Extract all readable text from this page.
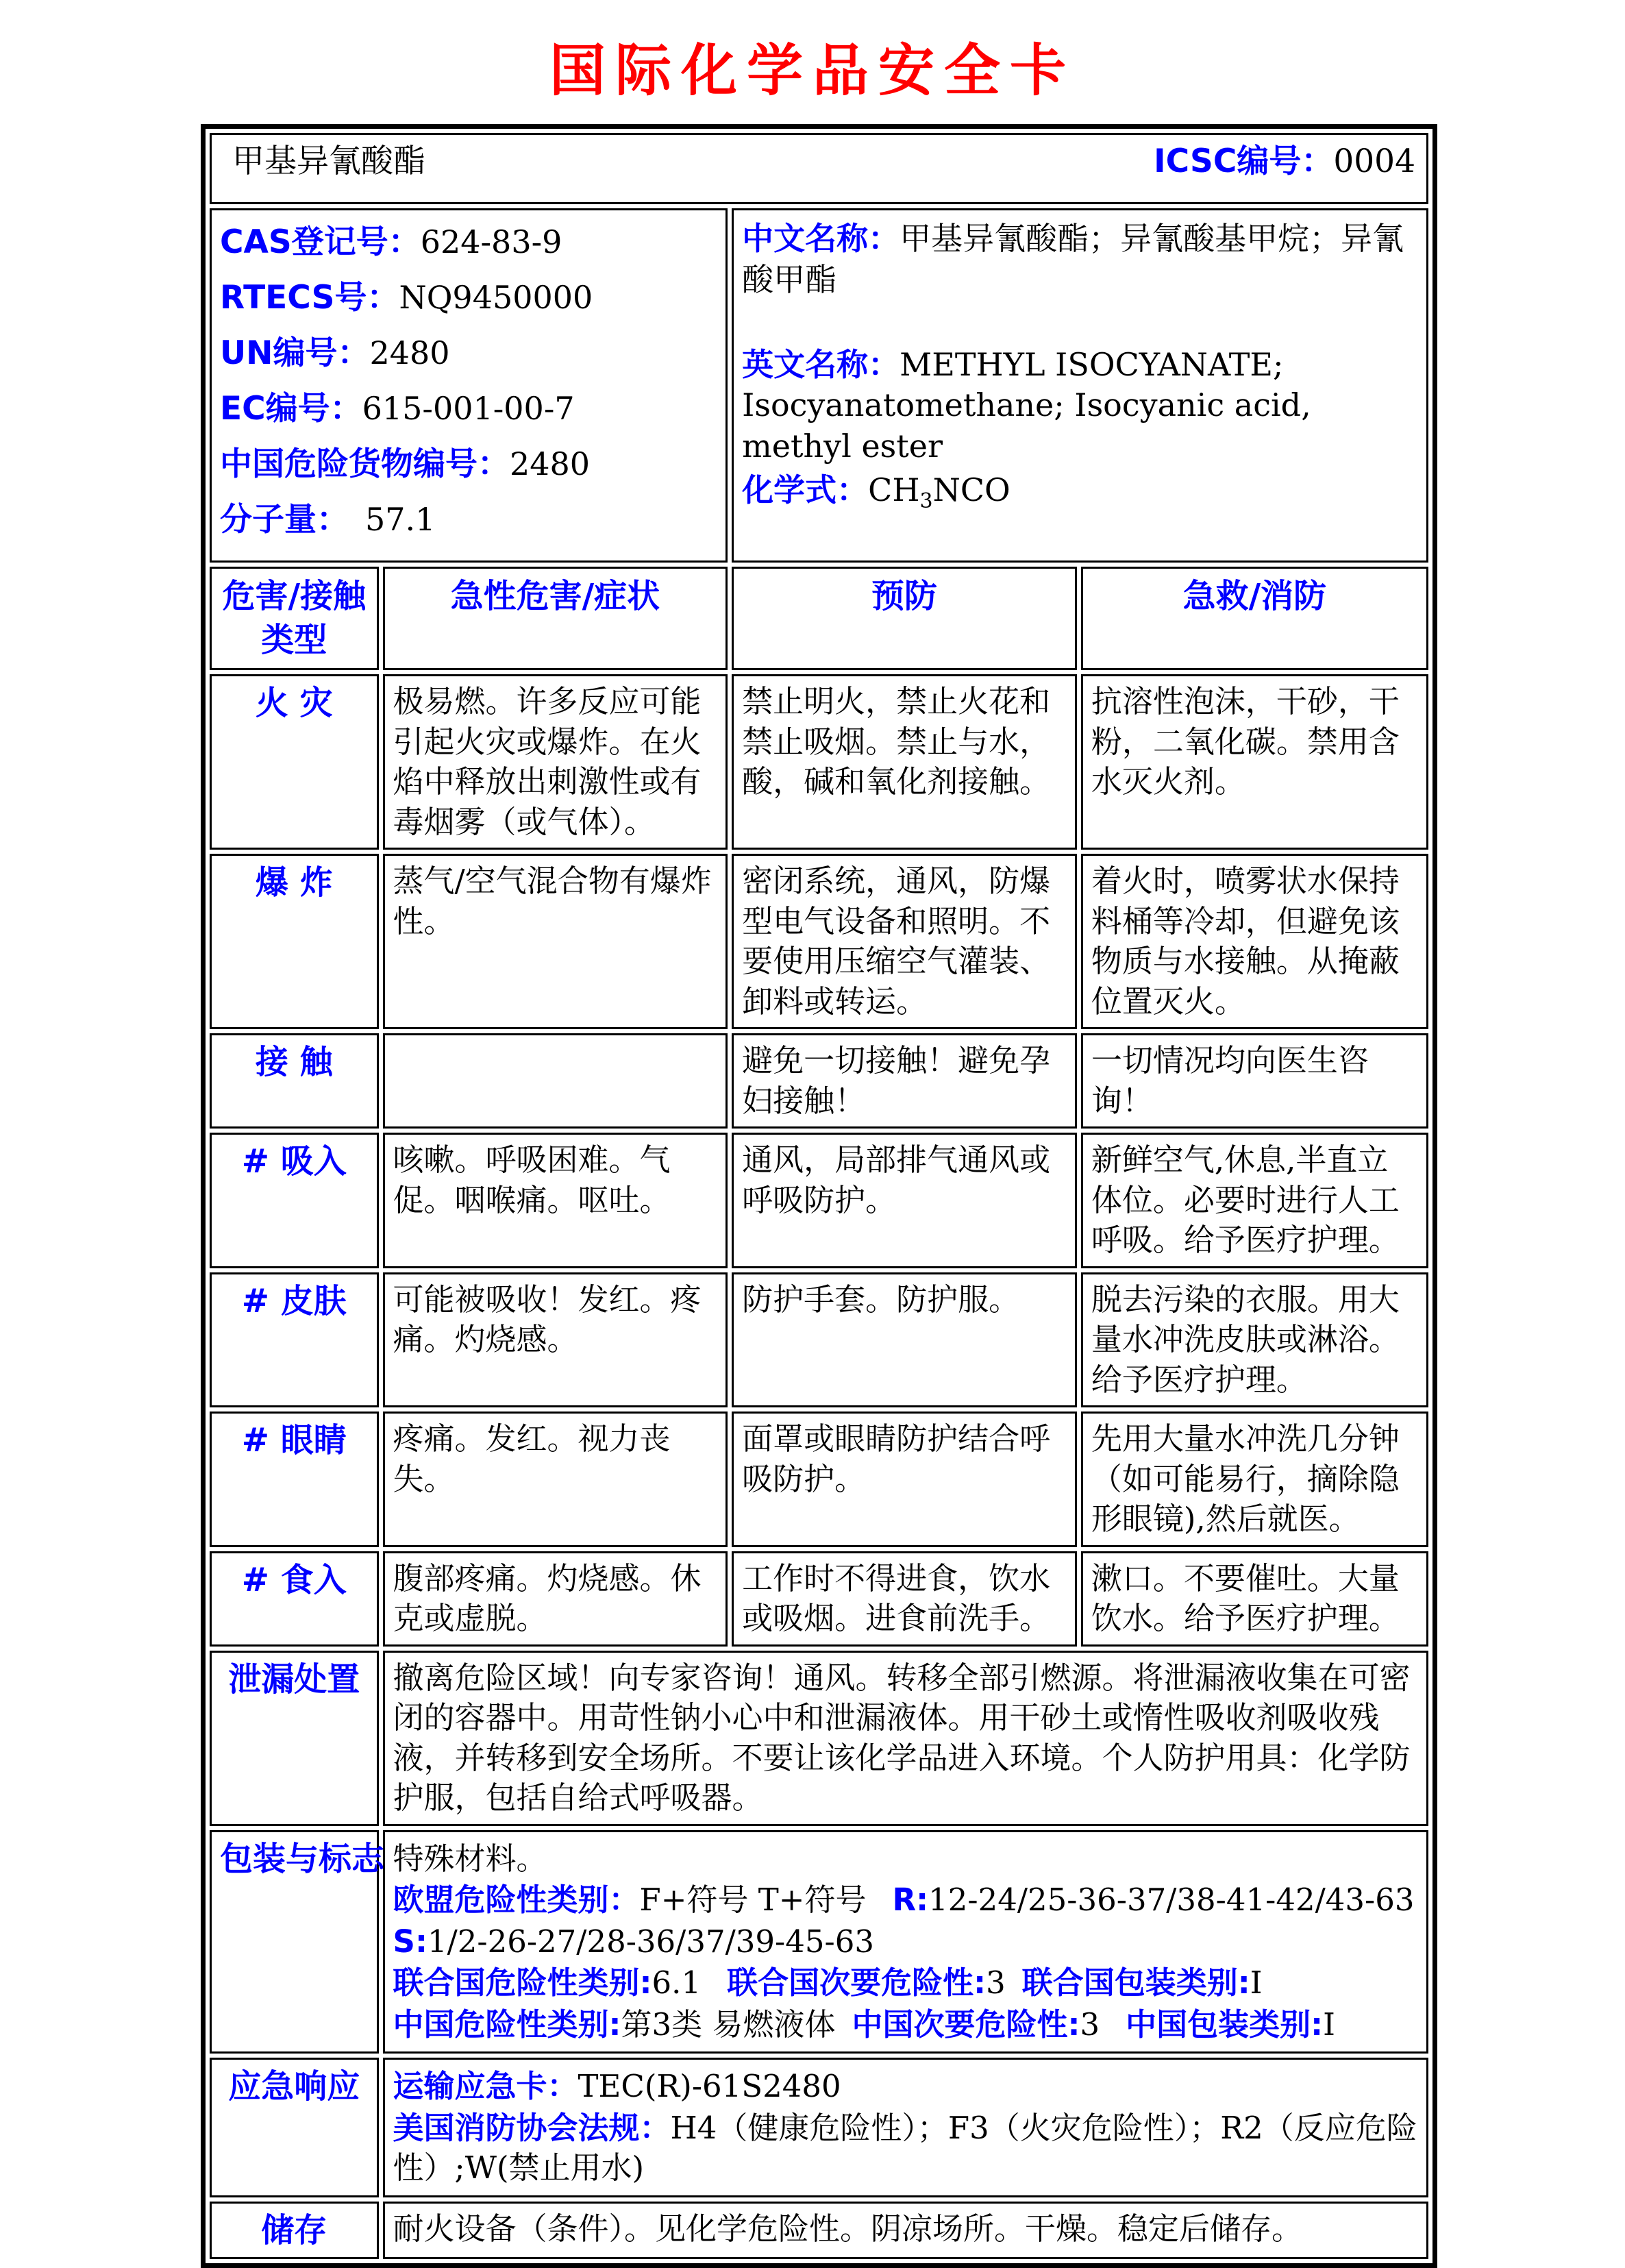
国际化学品安全卡
甲基异氰酸酯 ICSC编号：0004			

CAS登记号：624-83-9
RTECS号：NQ9450000
UN编号：2480
EC编号：615-001-00-7
中国危险货物编号：2480
分子量： 57.1

中文名称：甲基异氰酸酯；异氰酸基甲烷；异氰酸甲酯
英文名称：METHYL ISOCYANATE; Isocyanatomethane; Isocyanic acid, methyl ester
化学式：$CH_3NCO$

危害/接触
类型	急性危害/症状	预防	急救/消防

火 灾	极易燃。许多反应可能引起火灾或爆炸。在火焰中释放出刺激性或有毒烟雾（或气体）。	禁止明火，禁止火花和禁止吸烟。禁止与水，酸，碱和氧化剂接触。	抗溶性泡沫，干砂，干粉，二氧化碳。禁用含水灭火剂。
爆 炸	蒸气/空气混合物有爆炸性。	密闭系统，通风，防爆型电气设备和照明。不要使用压缩空气灌装、卸料或转运。	着火时，喷雾状水保持料桶等冷却，但避免该物质与水接触。从掩蔽位置灭火。
接 触		避免一切接触！避免孕妇接触！	一切情况均向医生咨询！
# 吸入	咳嗽。呼吸困难。气促。咽喉痛。呕吐。	通风，局部排气通风或呼吸防护。	新鲜空气,休息,半直立体位。必要时进行人工呼吸。给予医疗护理。
# 皮肤	可能被吸收！发红。疼痛。灼烧感。	防护手套。防护服。	脱去污染的衣服。用大量水冲洗皮肤或淋浴。给予医疗护理。
# 眼睛	疼痛。发红。视力丧失。	面罩或眼睛防护结合呼吸防护。	先用大量水冲洗几分钟（如可能易行，摘除隐形眼镜),然后就医。
# 食入	腹部疼痛。灼烧感。休克或虚脱。	工作时不得进食，饮水或吸烟。进食前洗手。	漱口。不要催吐。大量饮水。给予医疗护理。
泄漏处置	撤离危险区域！向专家咨询！通风。转移全部引燃源。将泄漏液收集在可密闭的容器中。用苛性钠小心中和泄漏液体。用干砂土或惰性吸收剂吸收残液，并转移到安全场所。不要让该化学品进入环境。个人防护用具：化学防护服，包括自给式呼吸器。		
包装与标志	特殊材料。
欧盟危险性类别：F+符号 T+符号 R:12-24/25-36-37/38-41-42/43-63
S:1/2-26-27/28-36/37/39-45-63
联合国危险性类别:6.1 联合国次要危险性:3 联合国包装类别:I
中国危险性类别:第3类 易燃液体 中国次要危险性:3 中国包装类别:I		

应急响应	运输应急卡：TEC(R)-61S2480
美国消防协会法规：H4（健康危险性）；F3（火灾危险性）；R2（反应危险性）;W(禁止用水)		

储存	耐火设备（条件）。见化学危险性。阴凉场所。干燥。稳定后储存。		
